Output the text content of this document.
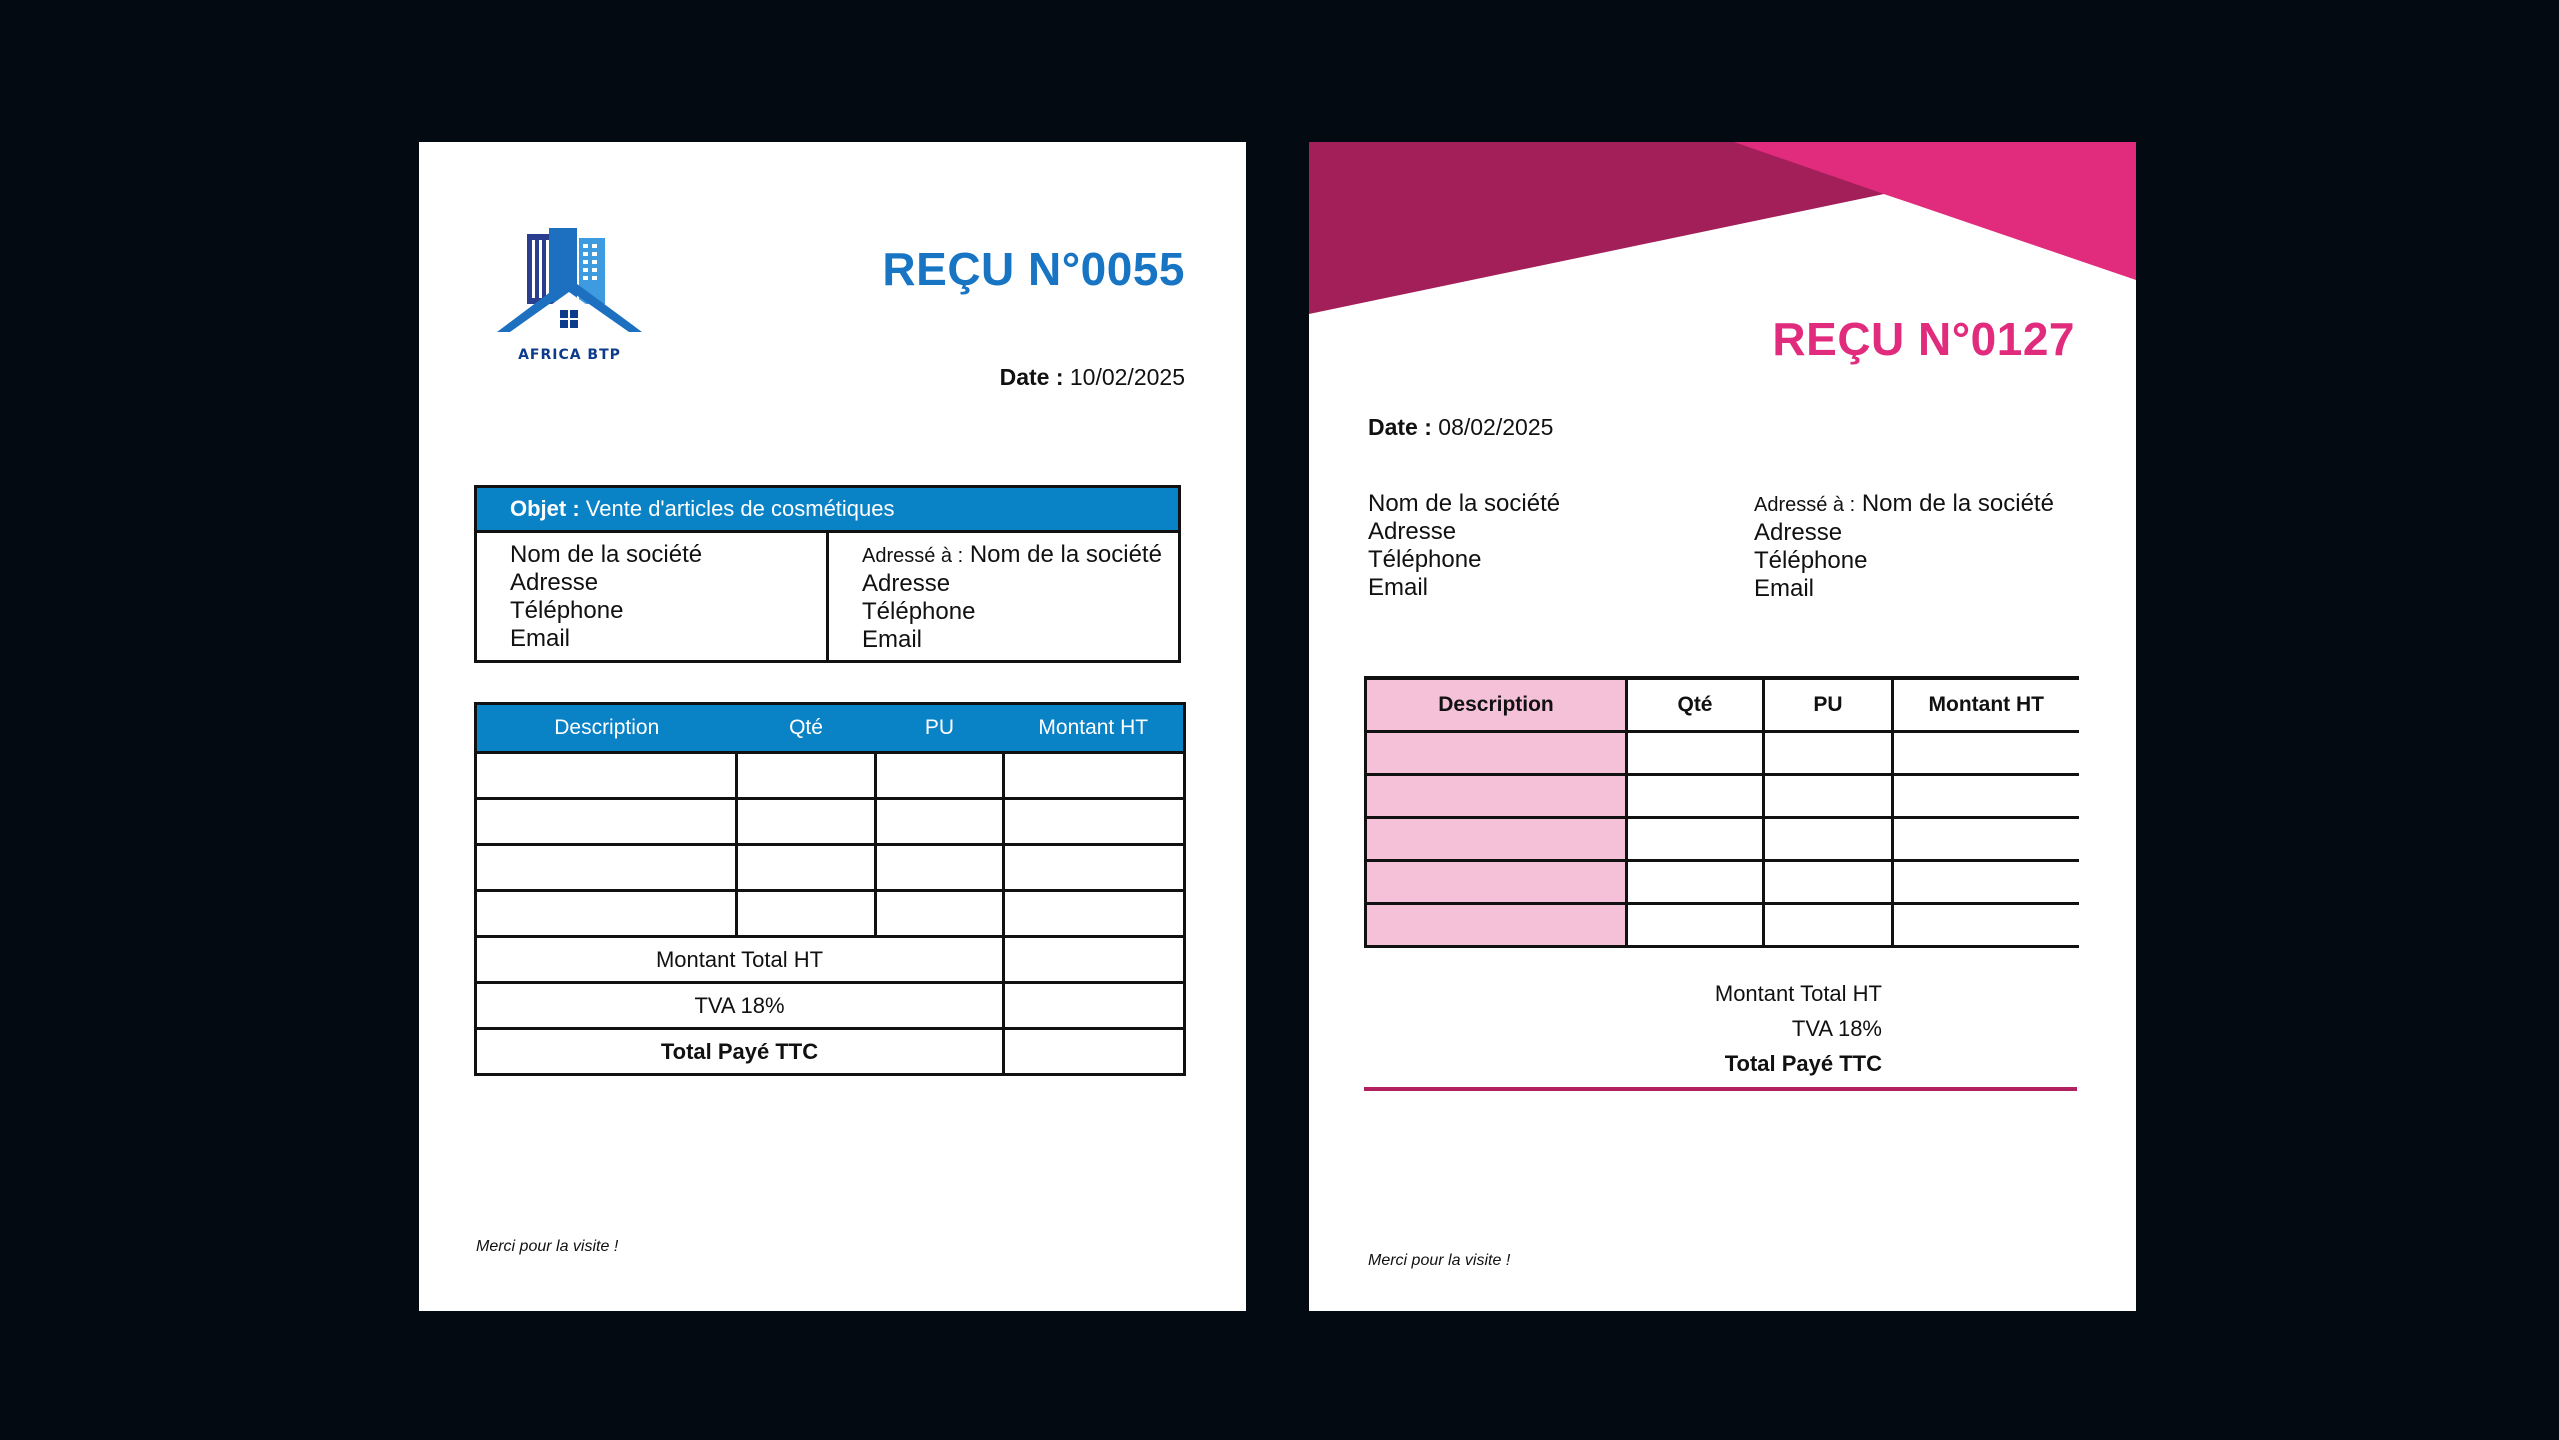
AFRICA BTP
REÇU N°0055
Date : 10/02/2025
Objet : Vente d'articles de cosmétiques
Nom de la société
Adresse
Téléphone
Email
Adressé à : Nom de la société
Adresse
Téléphone
Email
Description	Qté	PU	Montant HT

Montant Total HT			
TVA 18%			
Total Payé TTC			
Merci pour la visite !
REÇU N°0127
Date : 08/02/2025
Nom de la société
Adresse
Téléphone
Email
Adressé à : Nom de la société
Adresse
Téléphone
Email
Description	Qté	PU	Montant HT

Montant Total HT
TVA 18%
Total Payé TTC
Merci pour la visite !
